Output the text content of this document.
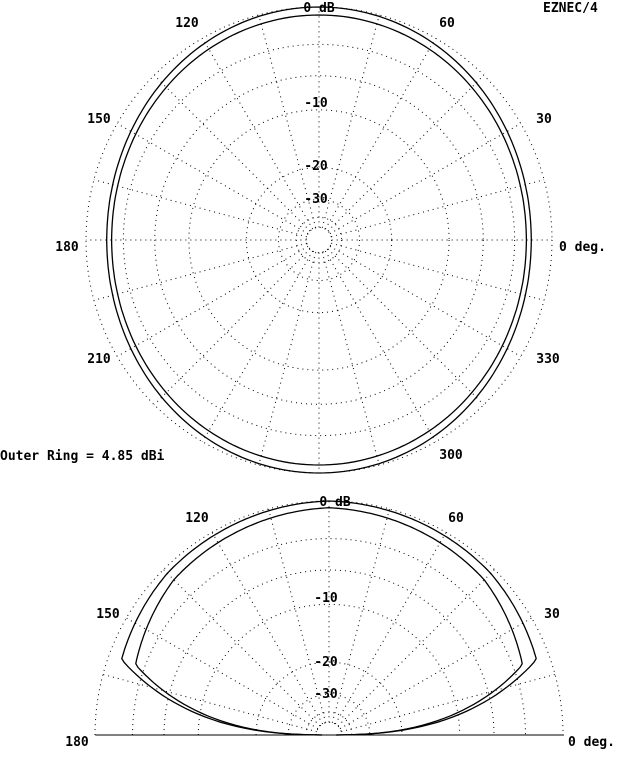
EZNEC/4
0 dB
-10
-20
-30
0 deg.
30
60
120
150
180
210
300
330
Outer Ring = 4.85 dBi
0 dB
-10
-20
-30
0 deg.
30
60
120
150
180
